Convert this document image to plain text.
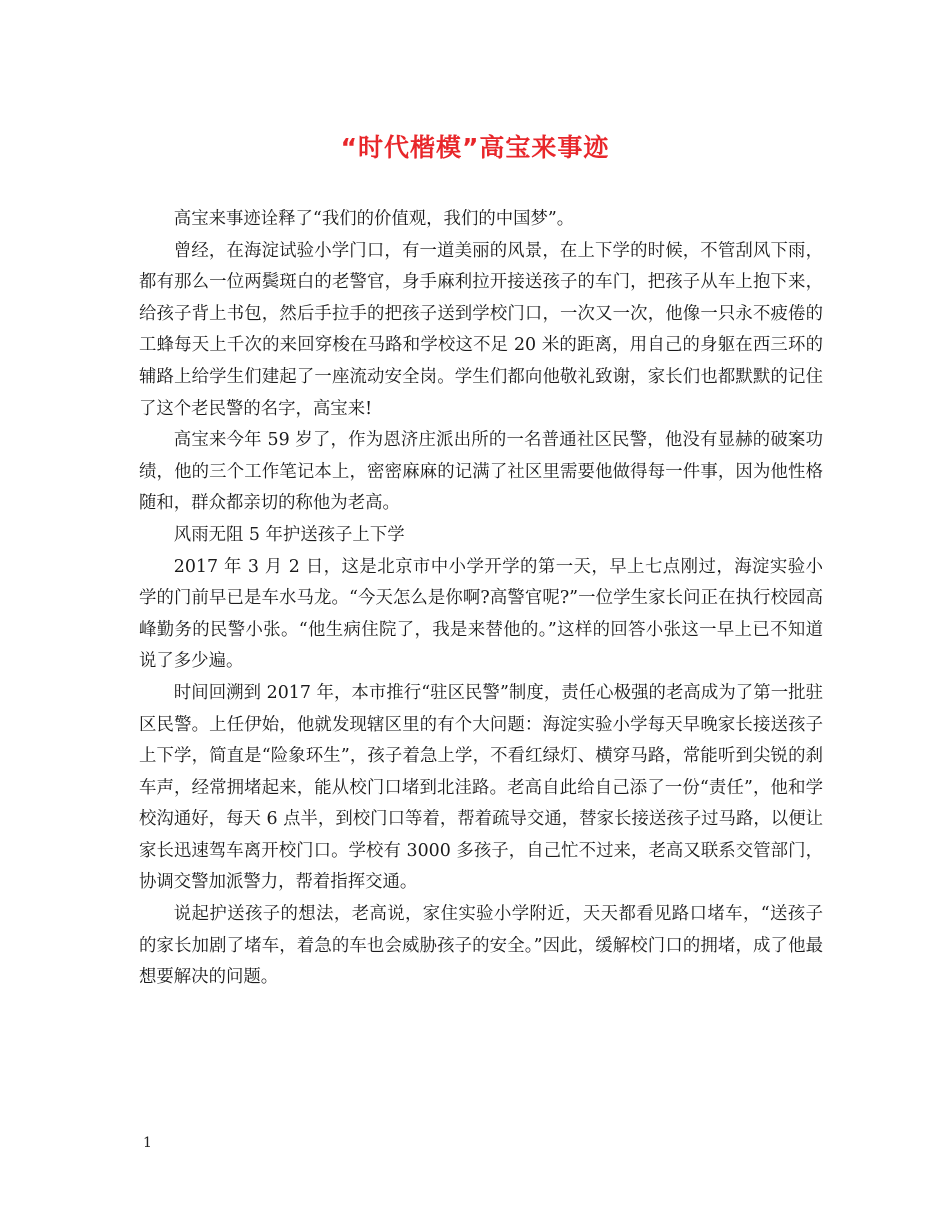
“时代楷模”高宝来事迹

高宝来事迹诠释了“我们的价值观，我们的中国梦”。

曾经，在海淀试验小学门口，有一道美丽的风景，在上下学的时候，不管刮风下雨，都有那么一位两鬓斑白的老警官，身手麻利拉开接送孩子的车门，把孩子从车上抱下来，给孩子背上书包，然后手拉手的把孩子送到学校门口，一次又一次，他像一只永不疲倦的工蜂每天上千次的来回穿梭在马路和学校这不足 20 米的距离，用自己的身躯在西三环的辅路上给学生们建起了一座流动安全岗。学生们都向他敬礼致谢，家长们也都默默的记住了这个老民警的名字，高宝来!

高宝来今年 59 岁了，作为恩济庄派出所的一名普通社区民警，他没有显赫的破案功绩，他的三个工作笔记本上，密密麻麻的记满了社区里需要他做得每一件事，因为他性格随和，群众都亲切的称他为老高。

风雨无阻 5 年护送孩子上下学

2017 年 3 月 2 日，这是北京市中小学开学的第一天，早上七点刚过，海淀实验小学的门前早已是车水马龙。“今天怎么是你啊?高警官呢?”一位学生家长问正在执行校园高峰勤务的民警小张。“他生病住院了，我是来替他的。”这样的回答小张这一早上已不知道说了多少遍。

时间回溯到 2017 年，本市推行“驻区民警”制度，责任心极强的老高成为了第一批驻区民警。上任伊始，他就发现辖区里的有个大问题：海淀实验小学每天早晚家长接送孩子上下学，简直是“险象环生”，孩子着急上学，不看红绿灯、横穿马路，常能听到尖锐的刹车声，经常拥堵起来，能从校门口堵到北洼路。老高自此给自己添了一份“责任”，他和学校沟通好，每天 6 点半，到校门口等着，帮着疏导交通，替家长接送孩子过马路，以便让家长迅速驾车离开校门口。学校有 3000 多孩子，自己忙不过来，老高又联系交管部门，协调交警加派警力，帮着指挥交通。

说起护送孩子的想法，老高说，家住实验小学附近，天天都看见路口堵车，“送孩子的家长加剧了堵车，着急的车也会威胁孩子的安全。”因此，缓解校门口的拥堵，成了他最想要解决的问题。

1
